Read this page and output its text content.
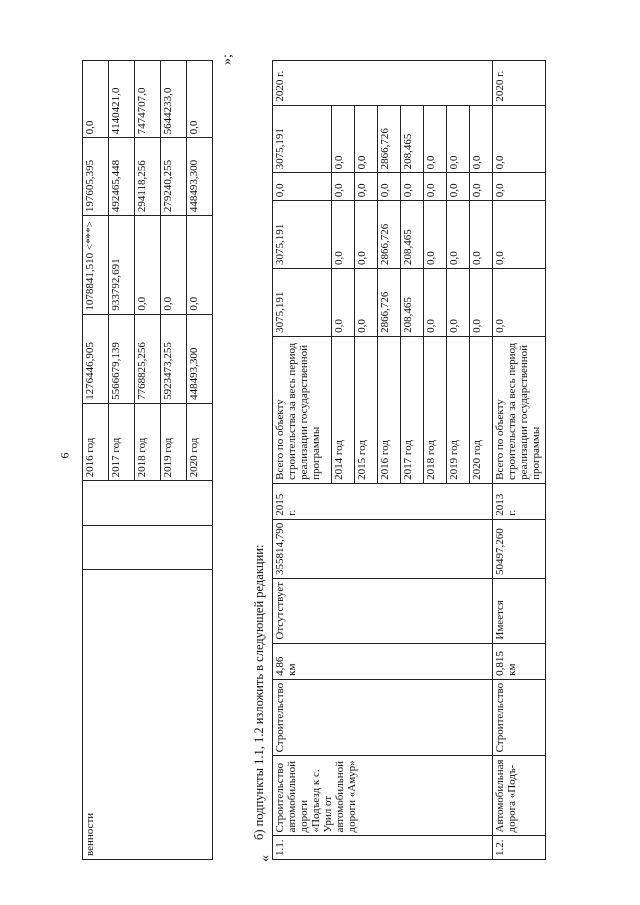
6
венности			2016 год	1276446,905	1078841,510 <***>	197605,395	0,0
			2017 год	5566679,139	933792,691	492465,448	4140421,0
			2018 год	7768825,256	0,0	294118,256	7474707,0
			2019 год	5923473,255	0,0	279240,255	5644233,0
			2020 год	448493,300	0,0	448493,300	0,0
»;
б) подпункты 1.1, 1.2 изложить в следующей редакции:
«
1.1.	Строительство автомобильной дороги «Подъезд к с. Урил от автомобильной дороги «Амур»	Строительство	4,86 км	Отсутствует	355814,790	2015 г.	Всего по объекту строительства за весь период реализации государственной программы	3075,191	3075,191	0,0	3075,191	2020 г.
							2014 год	0,0	0,0	0,0	0,0	
							2015 год	0,0	0,0	0,0	0,0	
							2016 год	2866,726	2866,726	0,0	2866,726	
							2017 год	208,465	208,465	0,0	208,465	
							2018 год	0,0	0,0	0,0	0,0	
							2019 год	0,0	0,0	0,0	0,0	
							2020 год	0,0	0,0	0,0	0,0	
1.2.	Автомобильная дорога «Подъ-	Строительство	0,815 км	Имеется	50497,260	2013 г.	Всего по объекту строительства за весь период реализации государственной программы	0,0	0,0	0,0	0,0	2020 г.
